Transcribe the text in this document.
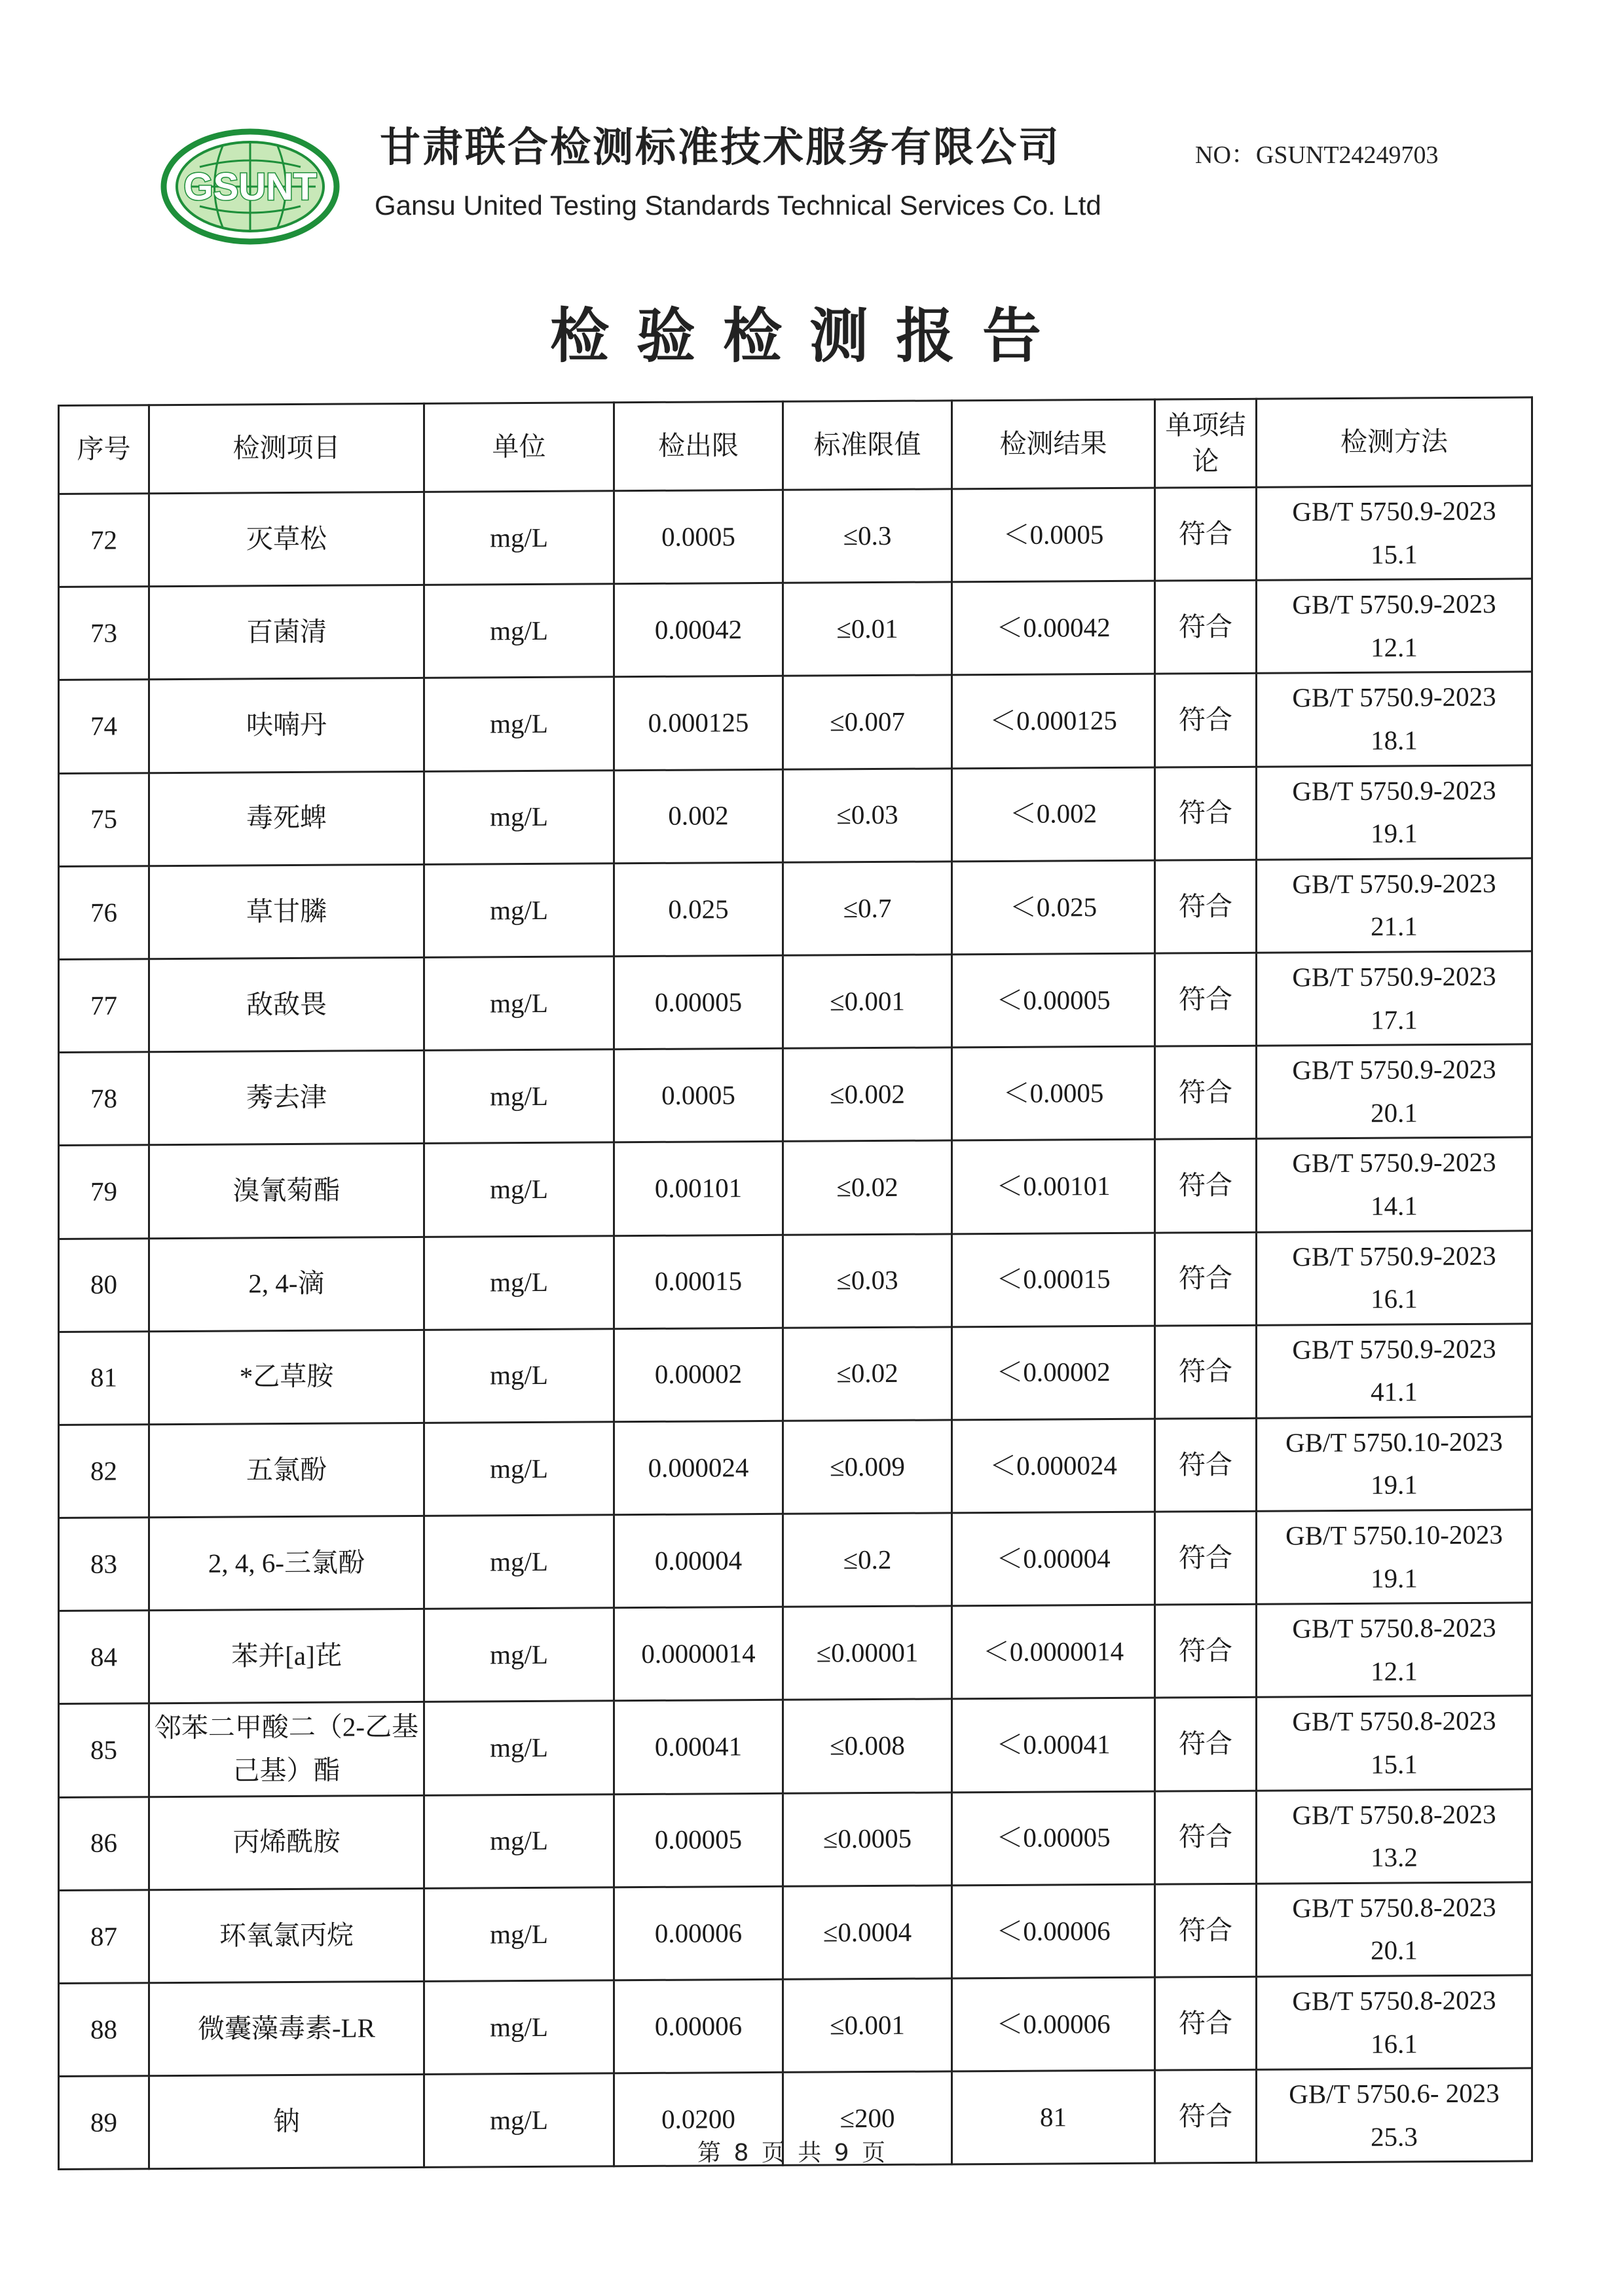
GSUNT
甘肃联合检测标准技术服务有限公司
Gansu United Testing Standards Technical Services Co. Ltd
NO：GSUNT24249703
检验检测报告
序号	检测项目	单位	检出限	标准限值	检测结果	单项结论	检测方法
72	灭草松	mg/L	0.0005	≤0.3	＜0.0005	符合	GB/T 5750.9-2023
15.1

73	百菌清	mg/L	0.00042	≤0.01	＜0.00042	符合	GB/T 5750.9-2023
12.1

74	呋喃丹	mg/L	0.000125	≤0.007	＜0.000125	符合	GB/T 5750.9-2023
18.1

75	毒死蜱	mg/L	0.002	≤0.03	＜0.002	符合	GB/T 5750.9-2023
19.1

76	草甘膦	mg/L	0.025	≤0.7	＜0.025	符合	GB/T 5750.9-2023
21.1

77	敌敌畏	mg/L	0.00005	≤0.001	＜0.00005	符合	GB/T 5750.9-2023
17.1

78	莠去津	mg/L	0.0005	≤0.002	＜0.0005	符合	GB/T 5750.9-2023
20.1

79	溴氰菊酯	mg/L	0.00101	≤0.02	＜0.00101	符合	GB/T 5750.9-2023
14.1

80	2, 4-滴	mg/L	0.00015	≤0.03	＜0.00015	符合	GB/T 5750.9-2023
16.1

81	*乙草胺	mg/L	0.00002	≤0.02	＜0.00002	符合	GB/T 5750.9-2023
41.1

82	五氯酚	mg/L	0.000024	≤0.009	＜0.000024	符合	GB/T 5750.10-2023
19.1

83	2, 4, 6-三氯酚	mg/L	0.00004	≤0.2	＜0.00004	符合	GB/T 5750.10-2023
19.1

84	苯并[a]芘	mg/L	0.0000014	≤0.00001	＜0.0000014	符合	GB/T 5750.8-2023
12.1

85	邻苯二甲酸二（2-乙基己基）酯	mg/L	0.00041	≤0.008	＜0.00041	符合	GB/T 5750.8-2023
15.1

86	丙烯酰胺	mg/L	0.00005	≤0.0005	＜0.00005	符合	GB/T 5750.8-2023
13.2

87	环氧氯丙烷	mg/L	0.00006	≤0.0004	＜0.00006	符合	GB/T 5750.8-2023
20.1

88	微囊藻毒素-LR	mg/L	0.00006	≤0.001	＜0.00006	符合	GB/T 5750.8-2023
16.1

89	钠	mg/L	0.0200	≤200	81	符合	GB/T 5750.6- 2023
25.3
第 8 页 共 9 页
